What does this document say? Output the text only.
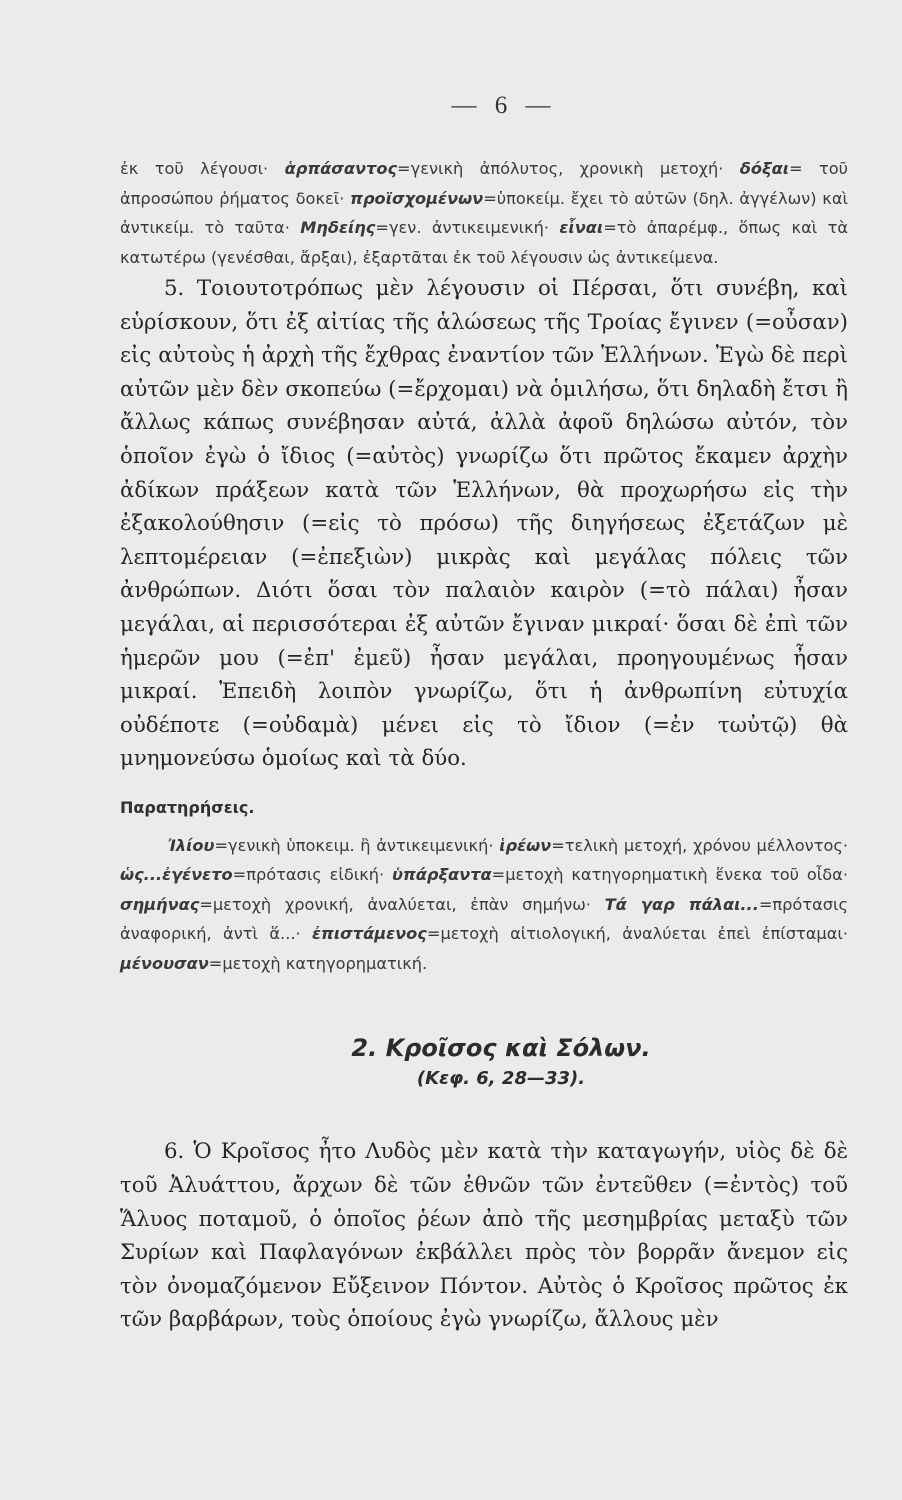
— 6 —

ἐκ τοῦ λέγουσι· ἁρπάσαντος=γενικὴ ἀπόλυτος, χρονικὴ μετοχή· δόξαι= τοῦ ἀπροσώπου ῥήματος δοκεῖ· προϊσχομένων=ὑποκείμ. ἔχει τὸ αὐτῶν (δηλ. ἀγγέλων) καὶ ἀντικείμ. τὸ ταῦτα· Μηδείης=γεν. ἀντικειμενική· εἶναι=τὸ ἀπαρέμφ., ὅπως καὶ τὰ κατωτέρω (γενέσθαι, ἄρξαι), ἐξαρτᾶται ἐκ τοῦ λέγουσιν ὡς ἀντικείμενα.

5. Τοιουτοτρόπως μὲν λέγουσιν οἱ Πέρσαι, ὅτι συνέβη, καὶ εὑρίσκουν, ὅτι ἐξ αἰτίας τῆς ἁλώσεως τῆς Τροίας ἔγινεν (=οὖσαν) εἰς αὐτοὺς ἡ ἀρχὴ τῆς ἔχθρας ἐναντίον τῶν Ἑλλήνων. Ἐγὼ δὲ περὶ αὐτῶν μὲν δὲν σκοπεύω (=ἔρχομαι) νὰ ὁμιλήσω, ὅτι δηλαδὴ ἔτσι ἢ ἄλλως κάπως συνέβησαν αὐτά, ἀλλὰ ἀφοῦ δηλώσω αὐτόν, τὸν ὁποῖον ἐγὼ ὁ ἴδιος (=αὐτὸς) γνωρίζω ὅτι πρῶτος ἔκαμεν ἀρχὴν ἀδίκων πράξεων κατὰ τῶν Ἑλλήνων, θὰ προχωρήσω εἰς τὴν ἐξακολούθησιν (=εἰς τὸ πρόσω) τῆς διηγήσεως ἐξετάζων μὲ λεπτομέρειαν (=ἐπεξιὼν) μικρὰς καὶ μεγάλας πόλεις τῶν ἀνθρώπων. Διότι ὅσαι τὸν παλαιὸν καιρὸν (=τὸ πάλαι) ἦσαν μεγάλαι, αἱ περισσότεραι ἐξ αὐτῶν ἔγιναν μικραί· ὅσαι δὲ ἐπὶ τῶν ἡμερῶν μου (=ἐπ' ἐμεῦ) ἦσαν μεγάλαι, προηγουμένως ἦσαν μικραί. Ἐπειδὴ λοιπὸν γνωρίζω, ὅτι ἡ ἀνθρωπίνη εὐτυχία οὐδέποτε (=οὐδαμὰ) μένει εἰς τὸ ἴδιον (=ἐν τωὐτῷ) θὰ μνημονεύσω ὁμοίως καὶ τὰ δύο.

Παρατηρήσεις.

Ἰλίου=γενικὴ ὑποκειμ. ἢ ἀντικειμενική· ἱρέων=τελικὴ μετοχή, χρόνου μέλλοντος· ὡς...ἐγένετο=πρότασις εἰδική· ὑπάρξαντα=μετοχὴ κατηγορηματικὴ ἕνεκα τοῦ οἶδα· σημήνας=μετοχὴ χρονική, ἀναλύεται, ἐπὰν σημήνω· Τά γαρ πάλαι...=πρότασις ἀναφορική, ἀντὶ ἅ...· ἐπιστάμενος=μετοχὴ αἰτιολογική, ἀναλύεται ἐπεὶ ἐπίσταμαι· μένουσαν=μετοχὴ κατηγορηματική.

2. Κροῖσος καὶ Σόλων.
(Κεφ. 6, 28—33).

6. Ὁ Κροῖσος ἦτο Λυδὸς μὲν κατὰ τὴν καταγωγήν, υἱὸς δὲ δὲ τοῦ Ἀλυάττου, ἄρχων δὲ τῶν ἐθνῶν τῶν ἐντεῦθεν (=ἐντὸς) τοῦ Ἅλυος ποταμοῦ, ὁ ὁποῖος ῥέων ἀπὸ τῆς μεσημβρίας μεταξὺ τῶν Συρίων καὶ Παφλαγόνων ἐκβάλλει πρὸς τὸν βορρᾶν ἄνεμον εἰς τὸν ὀνομαζόμενον Εὔξεινον Πόντον. Αὐτὸς ὁ Κροῖσος πρῶτος ἐκ τῶν βαρβάρων, τοὺς ὁποίους ἐγὼ γνωρίζω, ἄλλους μὲν
